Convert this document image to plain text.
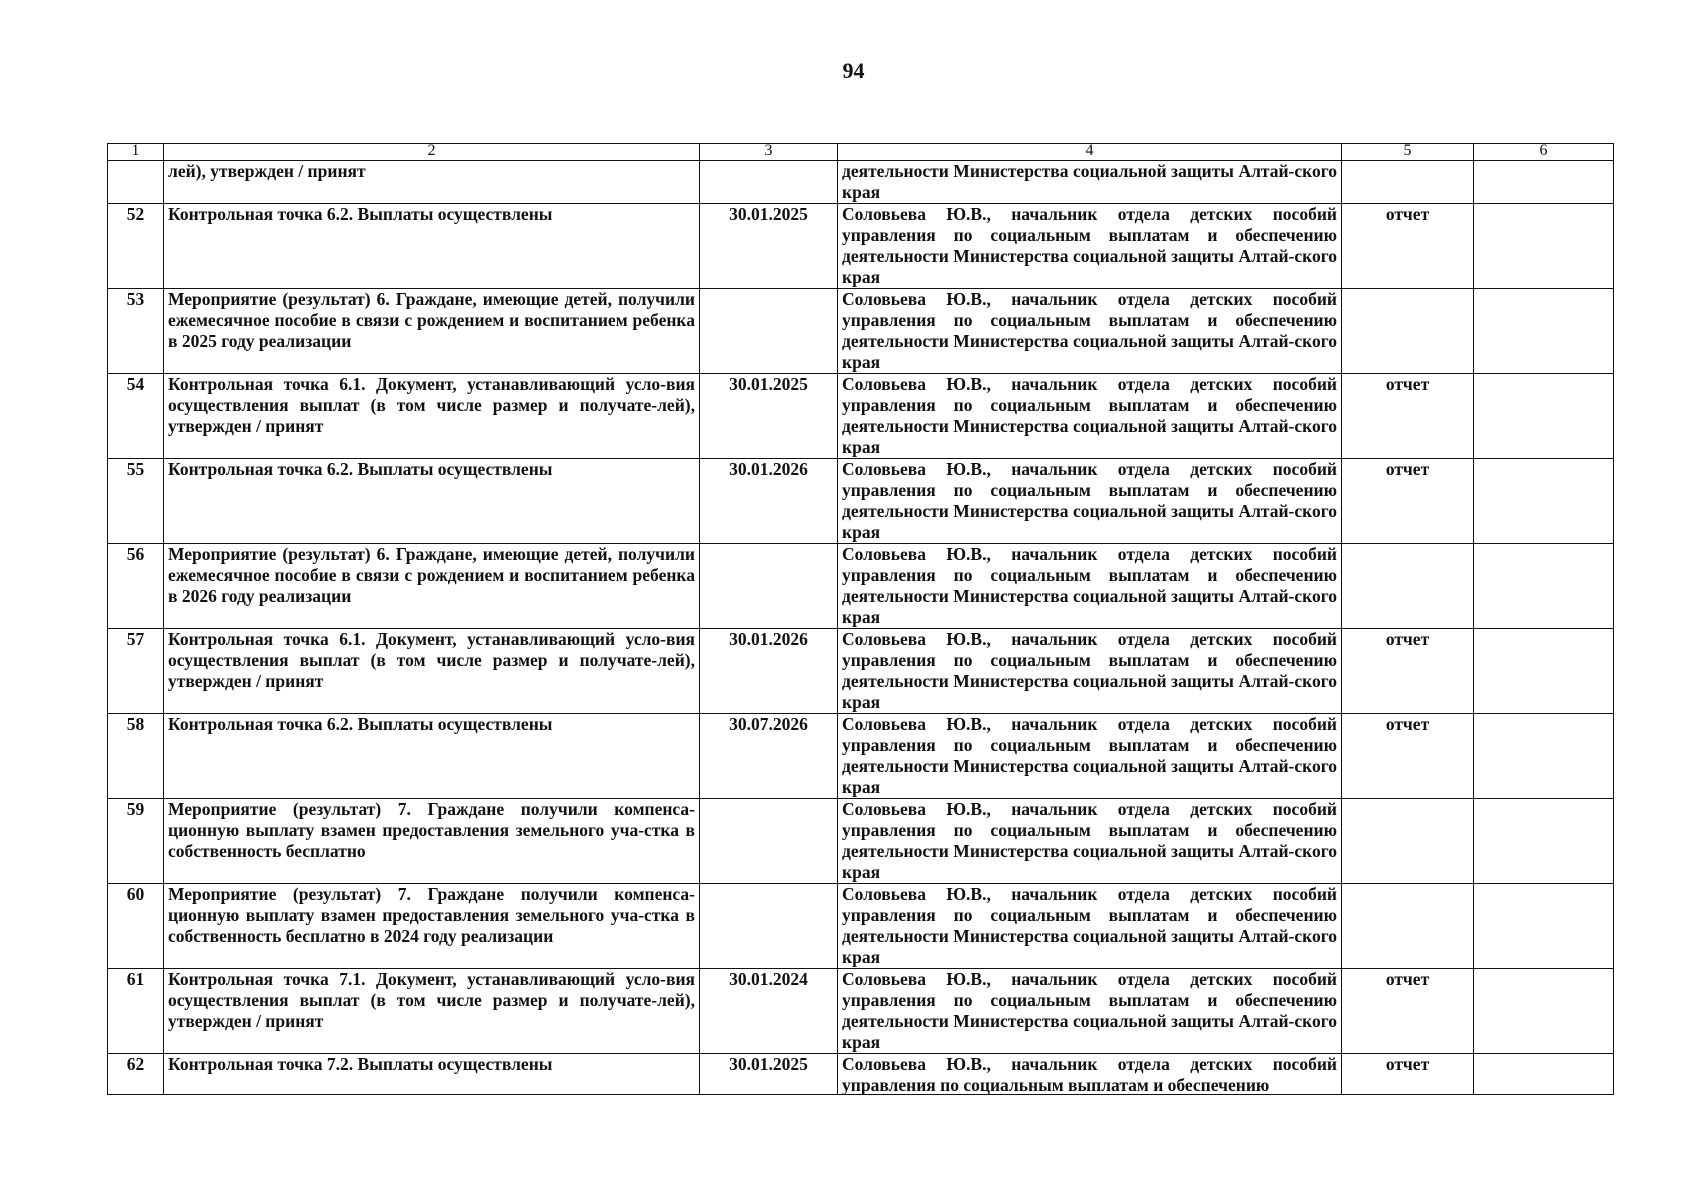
94
1	2	3	4	5	6
	лей), утвержден / принят		деятельности Министерства социальной защиты Алтай-ского края		
52	Контрольная точка 6.2. Выплаты осуществлены	30.01.2025	Соловьева Ю.В., начальник отдела детских пособий управления по социальным выплатам и обеспечению деятельности Министерства социальной защиты Алтай-ского края	отчет	
53	Мероприятие (результат) 6. Граждане, имеющие детей, получили ежемесячное пособие в связи с рождением и воспитанием ребенка в 2025 году реализации		Соловьева Ю.В., начальник отдела детских пособий управления по социальным выплатам и обеспечению деятельности Министерства социальной защиты Алтай-ского края		
54	Контрольная точка 6.1. Документ, устанавливающий усло-вия осуществления выплат (в том числе размер и получате-лей), утвержден / принят	30.01.2025	Соловьева Ю.В., начальник отдела детских пособий управления по социальным выплатам и обеспечению деятельности Министерства социальной защиты Алтай-ского края	отчет	
55	Контрольная точка 6.2. Выплаты осуществлены	30.01.2026	Соловьева Ю.В., начальник отдела детских пособий управления по социальным выплатам и обеспечению деятельности Министерства социальной защиты Алтай-ского края	отчет	
56	Мероприятие (результат) 6. Граждане, имеющие детей, получили ежемесячное пособие в связи с рождением и воспитанием ребенка в 2026 году реализации		Соловьева Ю.В., начальник отдела детских пособий управления по социальным выплатам и обеспечению деятельности Министерства социальной защиты Алтай-ского края		
57	Контрольная точка 6.1. Документ, устанавливающий усло-вия осуществления выплат (в том числе размер и получате-лей), утвержден / принят	30.01.2026	Соловьева Ю.В., начальник отдела детских пособий управления по социальным выплатам и обеспечению деятельности Министерства социальной защиты Алтай-ского края	отчет	
58	Контрольная точка 6.2. Выплаты осуществлены	30.07.2026	Соловьева Ю.В., начальник отдела детских пособий управления по социальным выплатам и обеспечению деятельности Министерства социальной защиты Алтай-ского края	отчет	
59	Мероприятие (результат) 7. Граждане получили компенса-ционную выплату взамен предоставления земельного уча-стка в собственность бесплатно		Соловьева Ю.В., начальник отдела детских пособий управления по социальным выплатам и обеспечению деятельности Министерства социальной защиты Алтай-ского края		
60	Мероприятие (результат) 7. Граждане получили компенса-ционную выплату взамен предоставления земельного уча-стка в собственность бесплатно в 2024 году реализации		Соловьева Ю.В., начальник отдела детских пособий управления по социальным выплатам и обеспечению деятельности Министерства социальной защиты Алтай-ского края		
61	Контрольная точка 7.1. Документ, устанавливающий усло-вия осуществления выплат (в том числе размер и получате-лей), утвержден / принят	30.01.2024	Соловьева Ю.В., начальник отдела детских пособий управления по социальным выплатам и обеспечению деятельности Министерства социальной защиты Алтай-ского края	отчет	
62	Контрольная точка 7.2. Выплаты осуществлены	30.01.2025	Соловьева Ю.В., начальник отдела детских пособий управления по социальным выплатам и обеспечению	отчет	
